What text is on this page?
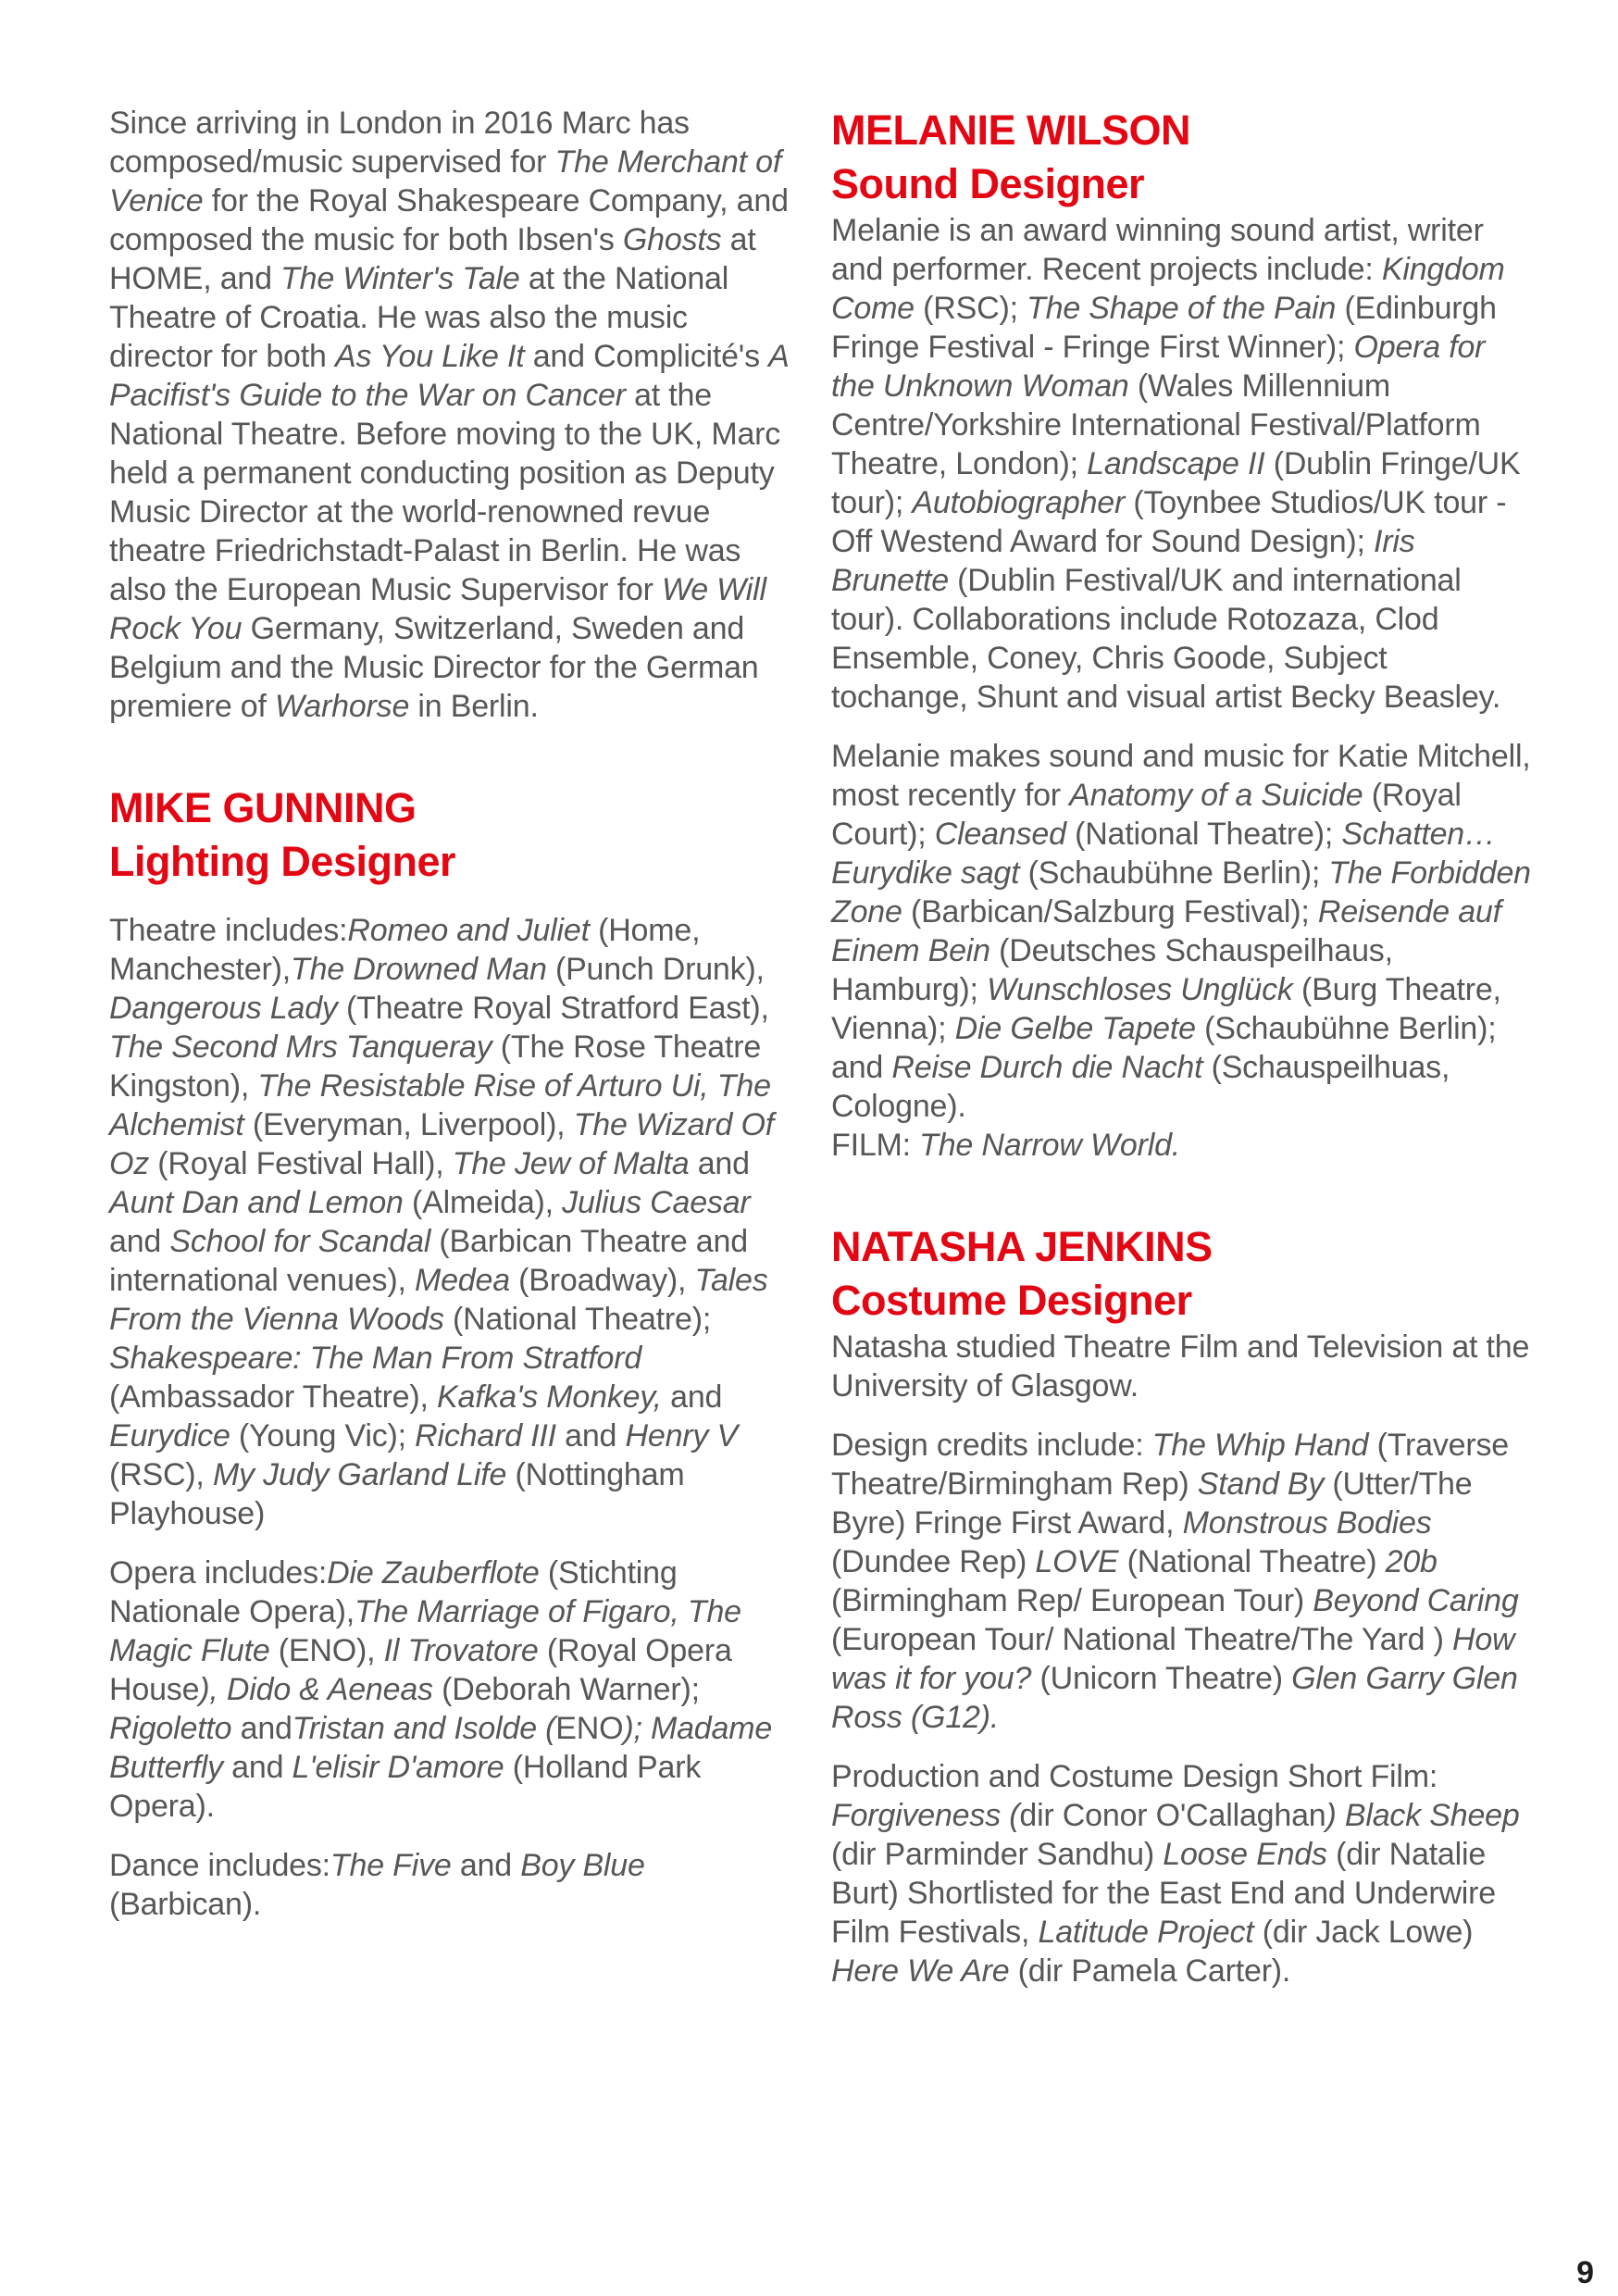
Since arriving in London in 2016 Marc has composed/music supervised for The Merchant of Venice for the Royal Shakespeare Company, and composed the music for both Ibsen's Ghosts at HOME, and The Winter's Tale at the National Theatre of Croatia. He was also the music director for both As You Like It and Complicité's A Pacifist's Guide to the War on Cancer at the National Theatre. Before moving to the UK, Marc held a permanent conducting position as Deputy Music Director at the world-renowned revue theatre Friedrichstadt-Palast in Berlin. He was also the European Music Supervisor for We Will Rock You Germany, Switzerland, Sweden and Belgium and the Music Director for the German premiere of Warhorse in Berlin.

MIKE GUNNING
Lighting Designer

Theatre includes:Romeo and Juliet (Home, Manchester),The Drowned Man (Punch Drunk), Dangerous Lady (Theatre Royal Stratford East), The Second Mrs Tanqueray (The Rose Theatre Kingston), The Resistable Rise of Arturo Ui, The Alchemist (Everyman, Liverpool), The Wizard Of Oz (Royal Festival Hall), The Jew of Malta and Aunt Dan and Lemon (Almeida), Julius Caesar and School for Scandal (Barbican Theatre and international venues), Medea (Broadway), Tales From the Vienna Woods (National Theatre); Shakespeare: The Man From Stratford (Ambassador Theatre), Kafka's Monkey, and Eurydice (Young Vic); Richard III and Henry V (RSC), My Judy Garland Life (Nottingham Playhouse)

Opera includes:Die Zauberflote (Stichting Nationale Opera),The Marriage of Figaro, The Magic Flute (ENO), Il Trovatore (Royal Opera House), Dido & Aeneas (Deborah Warner); Rigoletto andTristan and Isolde (ENO); Madame Butterfly and L'elisir D'amore (Holland Park Opera).

Dance includes:The Five and Boy Blue (Barbican).

MELANIE WILSON
Sound Designer

Melanie is an award winning sound artist, writer and performer. Recent projects include: Kingdom Come (RSC); The Shape of the Pain (Edinburgh Fringe Festival - Fringe First Winner); Opera for the Unknown Woman (Wales Millennium Centre/Yorkshire International Festival/Platform Theatre, London); Landscape II (Dublin Fringe/UK tour); Autobiographer (Toynbee Studios/UK tour - Off Westend Award for Sound Design); Iris Brunette (Dublin Festival/UK and international tour). Collaborations include Rotozaza, Clod Ensemble, Coney, Chris Goode, Subject tochange, Shunt and visual artist Becky Beasley.

Melanie makes sound and music for Katie Mitchell, most recently for Anatomy of a Suicide (Royal Court); Cleansed (National Theatre); Schatten… Eurydike sagt (Schaubühne Berlin); The Forbidden Zone (Barbican/Salzburg Festival); Reisende auf Einem Bein (Deutsches Schauspeilhaus, Hamburg); Wunschloses Unglück (Burg Theatre, Vienna); Die Gelbe Tapete (Schaubühne Berlin); and Reise Durch die Nacht (Schauspeilhuas, Cologne).

FILM: The Narrow World.

NATASHA JENKINS
Costume Designer

Natasha studied Theatre Film and Television at the University of Glasgow.

Design credits include: The Whip Hand (Traverse Theatre/Birmingham Rep) Stand By (Utter/The Byre) Fringe First Award, Monstrous Bodies (Dundee Rep) LOVE (National Theatre) 20b (Birmingham Rep/ European Tour) Beyond Caring (European Tour/ National Theatre/The Yard ) How was it for you? (Unicorn Theatre) Glen Garry Glen Ross (G12).

Production and Costume Design Short Film: Forgiveness (dir Conor O'Callaghan) Black Sheep (dir Parminder Sandhu) Loose Ends (dir Natalie Burt) Shortlisted for the East End and Underwire Film Festivals, Latitude Project (dir Jack Lowe) Here We Are (dir Pamela Carter).

9
